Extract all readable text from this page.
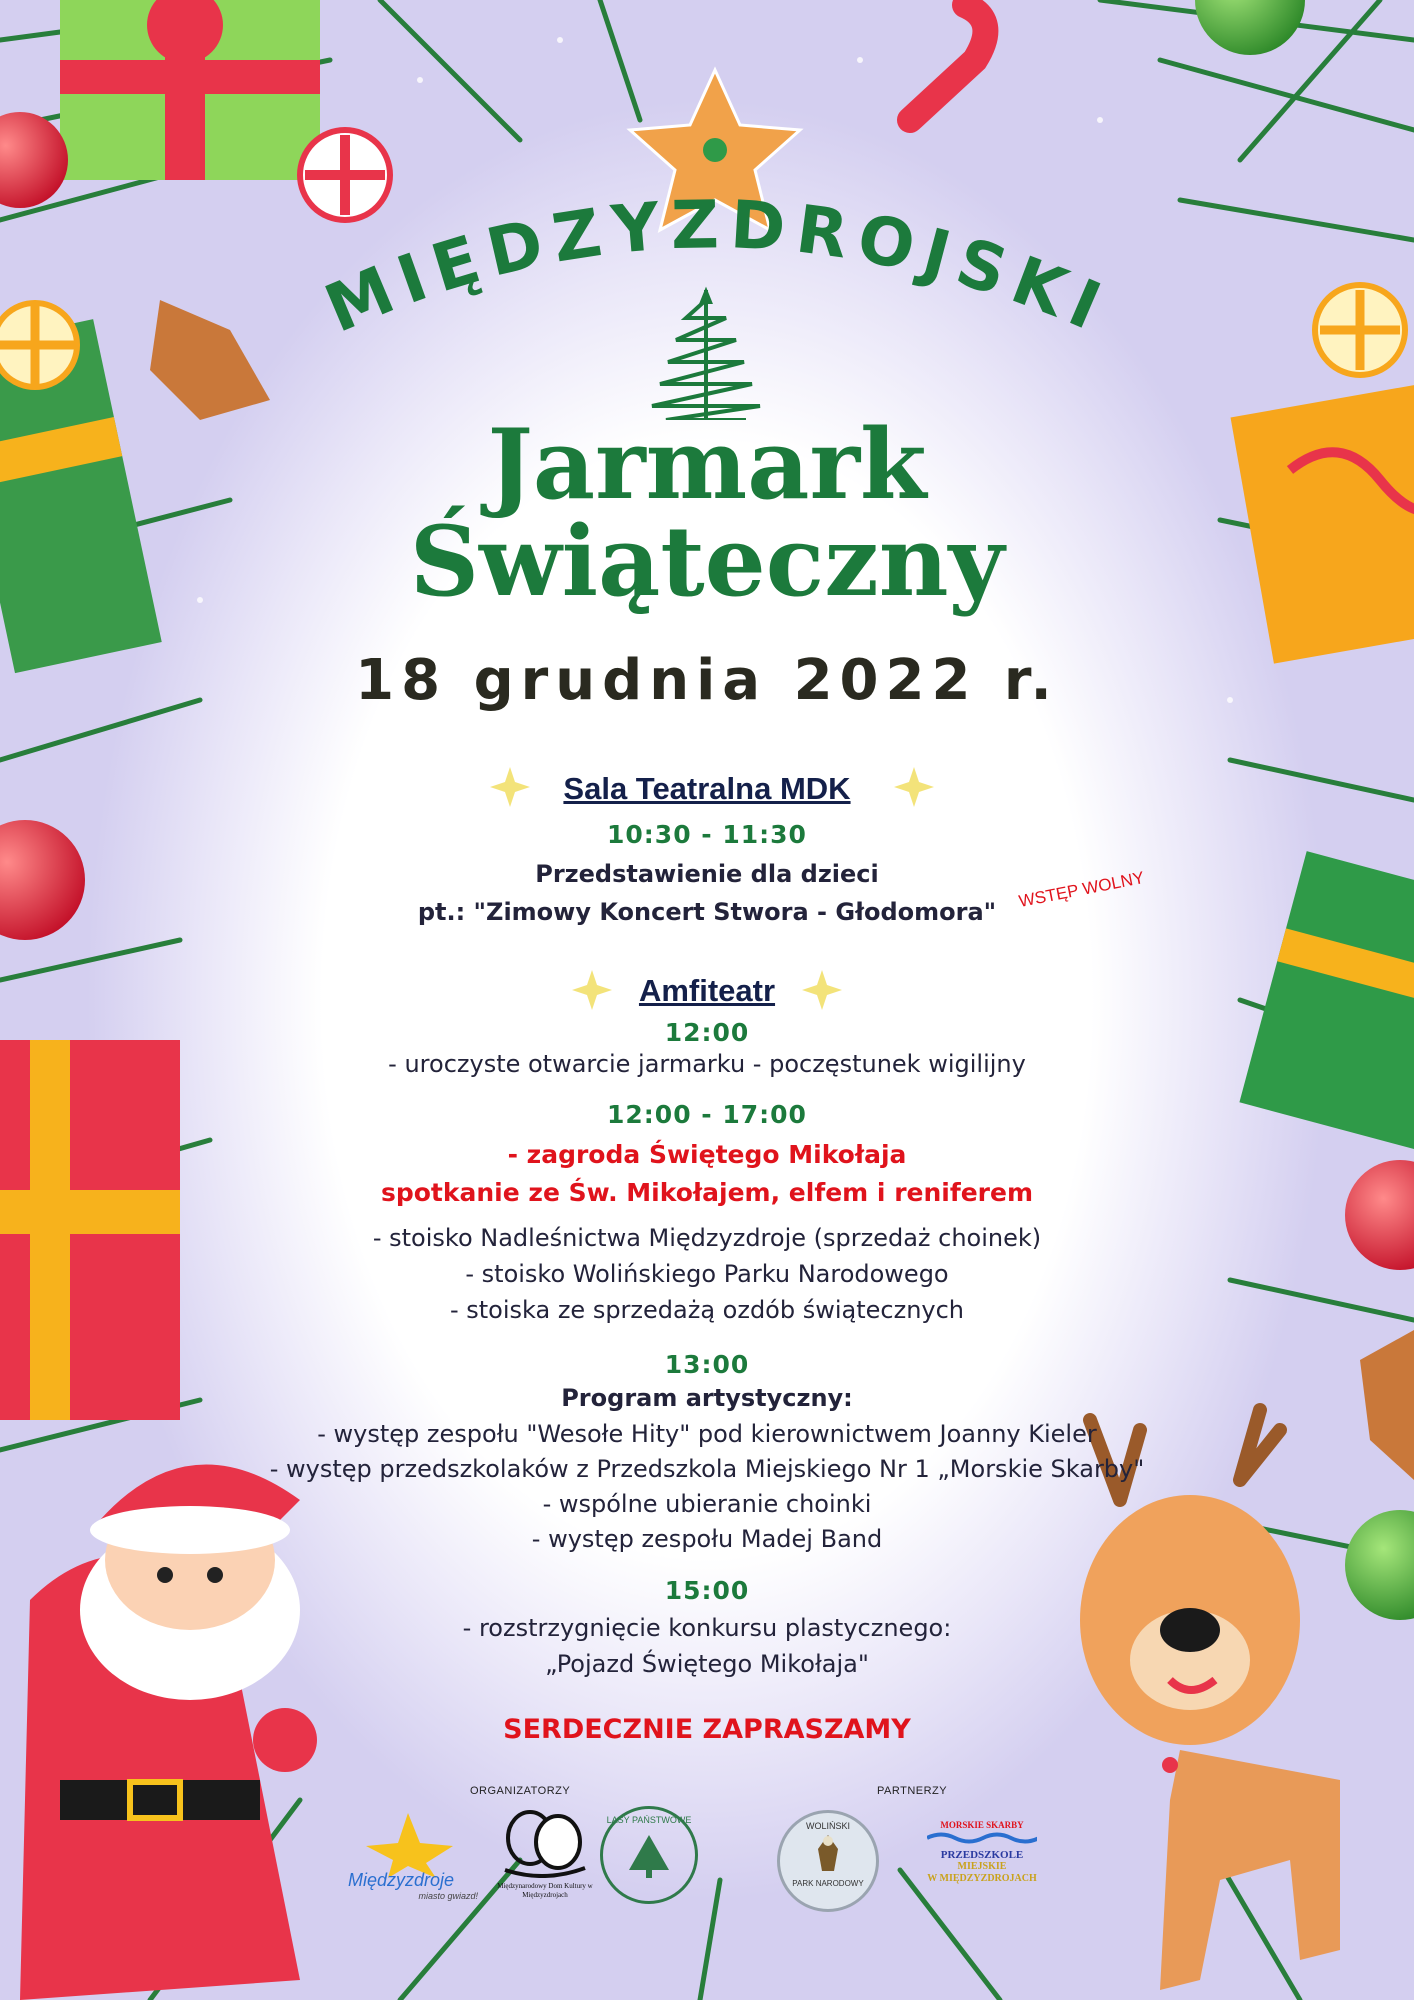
MIĘDZYZDROJSKI
Jarmark
Świąteczny
18 grudnia 2022 r.
Sala Teatralna MDK
10:30 - 11:30
Przedstawienie dla dzieci
pt.: "Zimowy Koncert Stwora - Głodomora"
WSTĘP WOLNY
Amfiteatr
12:00
- uroczyste otwarcie jarmarku - poczęstunek wigilijny
12:00 - 17:00
- zagroda Świętego Mikołaja
spotkanie ze Św. Mikołajem, elfem i reniferem
- stoisko Nadleśnictwa Międzyzdroje (sprzedaż choinek)
- stoisko Wolińskiego Parku Narodowego
- stoiska ze sprzedażą ozdób świątecznych
13:00
Program artystyczny:
- występ zespołu "Wesołe Hity" pod kierownictwem Joanny Kieler
- występ przedszkolaków z Przedszkola Miejskiego Nr 1 „Morskie Skarby"
- wspólne ubieranie choinki
- występ zespołu Madej Band
15:00
- rozstrzygnięcie konkursu plastycznego:
„Pojazd Świętego Mikołaja"
SERDECZNIE ZAPRASZAMY
ORGANIZATORZY	PARTNERZY
Międzyzdroje
miasto gwiazd!
Międzynarodowy Dom Kultury w Międzyzdrojach
LASY PAŃSTWOWE
WOLIŃSKI
PARK NARODOWY
MORSKIE SKARBY
PRZEDSZKOLE
MIEJSKIE
W MIĘDZYZDROJACH
